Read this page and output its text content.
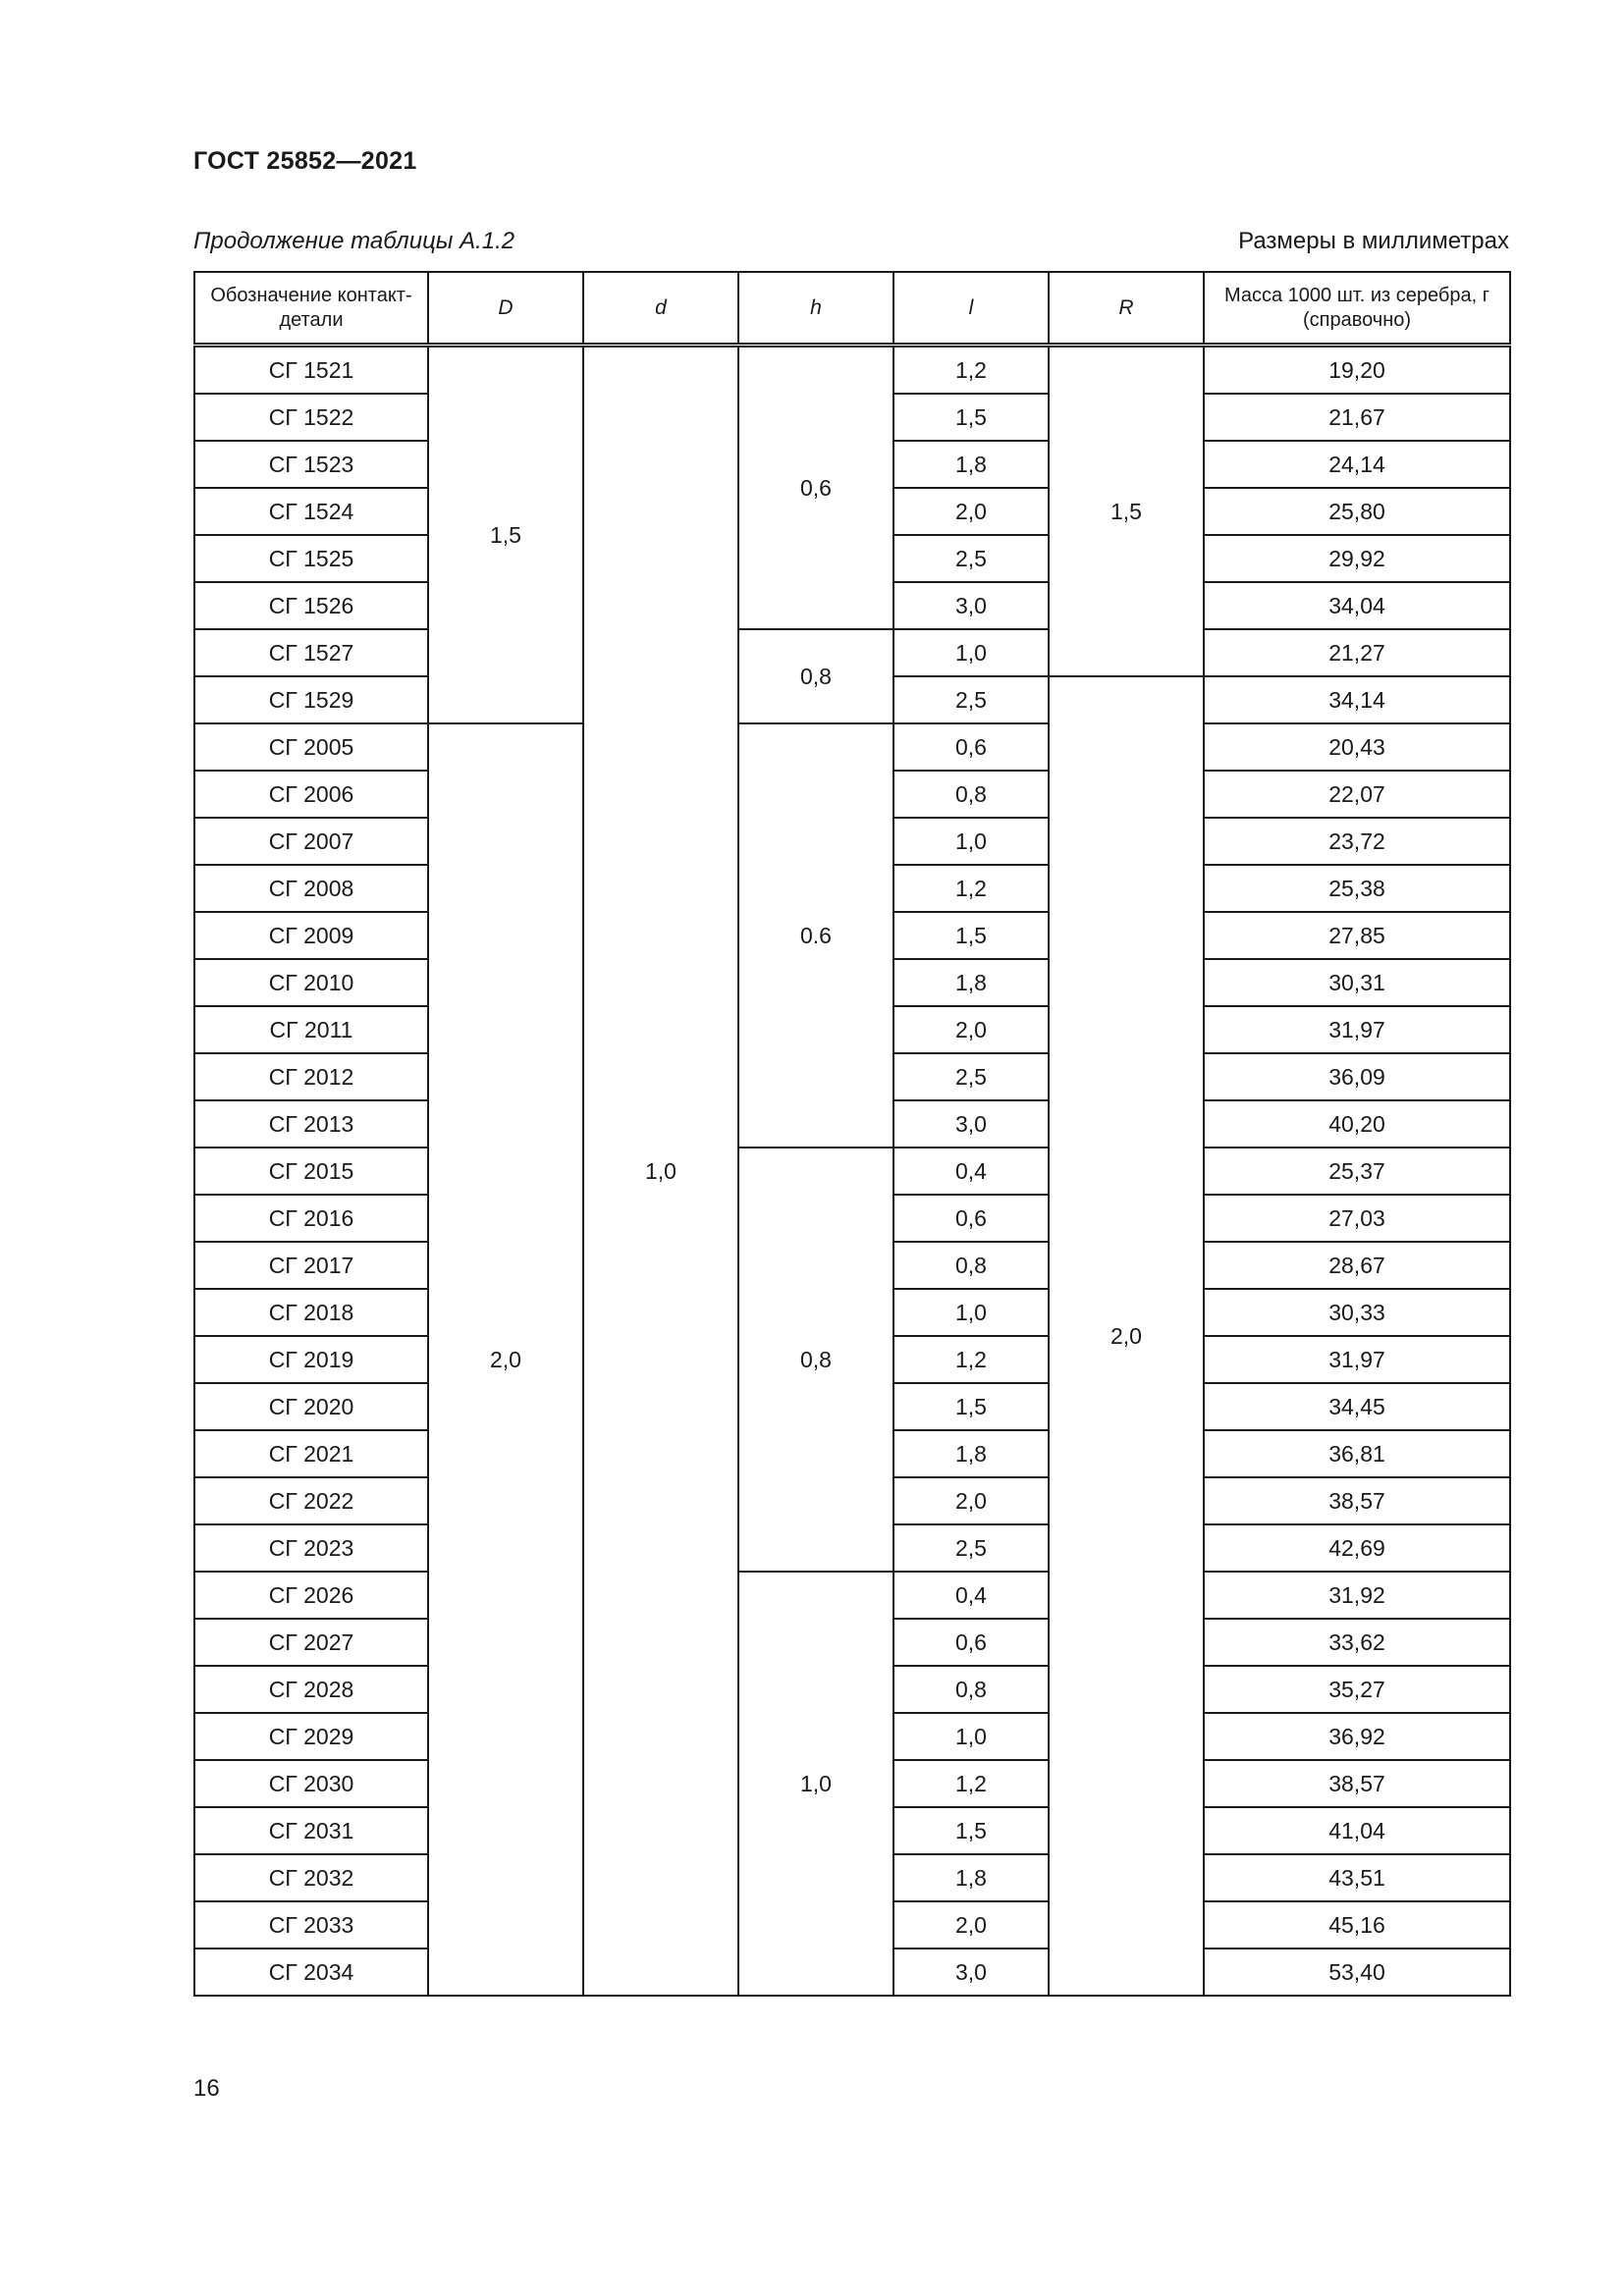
ГОСТ 25852—2021
Продолжение таблицы А.1.2	Размеры в миллиметрах
Обозначение контакт-детали	D	d	h	l	R	Масса 1000 шт. из серебра, г (справочно)
СГ 1521	1,5	1,0	0,6	1,2	1,5	19,20
СГ 1522				1,5		21,67
СГ 1523				1,8		24,14
СГ 1524				2,0		25,80
СГ 1525				2,5		29,92
СГ 1526				3,0		34,04
СГ 1527			0,8	1,0		21,27
СГ 1529				2,5	2,0	34,14
СГ 2005	2,0		0.6	0,6		20,43
СГ 2006				0,8		22,07
СГ 2007				1,0		23,72
СГ 2008				1,2		25,38
СГ 2009				1,5		27,85
СГ 2010				1,8		30,31
СГ 2011				2,0		31,97
СГ 2012				2,5		36,09
СГ 2013				3,0		40,20
СГ 2015			0,8	0,4		25,37
СГ 2016				0,6		27,03
СГ 2017				0,8		28,67
СГ 2018				1,0		30,33
СГ 2019				1,2		31,97
СГ 2020				1,5		34,45
СГ 2021				1,8		36,81
СГ 2022				2,0		38,57
СГ 2023				2,5		42,69
СГ 2026			1,0	0,4		31,92
СГ 2027				0,6		33,62
СГ 2028				0,8		35,27
СГ 2029				1,0		36,92
СГ 2030				1,2		38,57
СГ 2031				1,5		41,04
СГ 2032				1,8		43,51
СГ 2033				2,0		45,16
СГ 2034				3,0		53,40
16
